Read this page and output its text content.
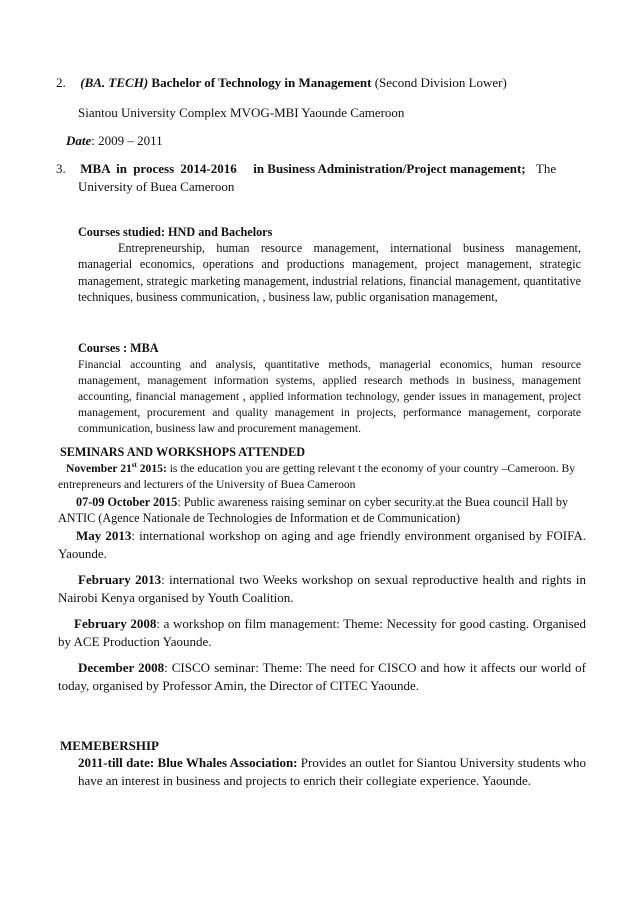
2. (BA. TECH) Bachelor of Technology in Management (Second Division Lower)
Siantou University Complex MVOG-MBI Yaounde Cameroon
Date: 2009 – 2011
3. MBA in process 2014-2016 in Business Administration/Project management; The
University of Buea Cameroon
Courses studied: HND and Bachelors
Entrepreneurship, human resource management, international business management, managerial economics, operations and productions management, project management, strategic management, strategic marketing management, industrial relations, financial management, quantitative techniques, business communication, , business law, public organisation management,
Courses : MBA
Financial accounting and analysis, quantitative methods, managerial economics, human resource management, management information systems, applied research methods in business, management accounting, financial management , applied information technology, gender issues in management, project management, procurement and quality management in projects, performance management, corporate communication, business law and procurement management.
SEMINARS AND WORKSHOPS ATTENDED
November 21st 2015: is the education you are getting relevant t the economy of your country –Cameroon. By entrepreneurs and lecturers of the University of Buea Cameroon
07-09 October 2015: Public awareness raising seminar on cyber security.at the Buea council Hall by ANTIC (Agence Nationale de Technologies de Information et de Communication)
May 2013: international workshop on aging and age friendly environment organised by FOIFA. Yaounde.
February 2013: international two Weeks workshop on sexual reproductive health and rights in Nairobi Kenya organised by Youth Coalition.
February 2008: a workshop on film management: Theme: Necessity for good casting. Organised by ACE Production Yaounde.
December 2008: CISCO seminar: Theme: The need for CISCO and how it affects our world of today, organised by Professor Amin, the Director of CITEC Yaounde.
MEMEBERSHIP
2011-till date: Blue Whales Association: Provides an outlet for Siantou University students who have an interest in business and projects to enrich their collegiate experience. Yaounde.
